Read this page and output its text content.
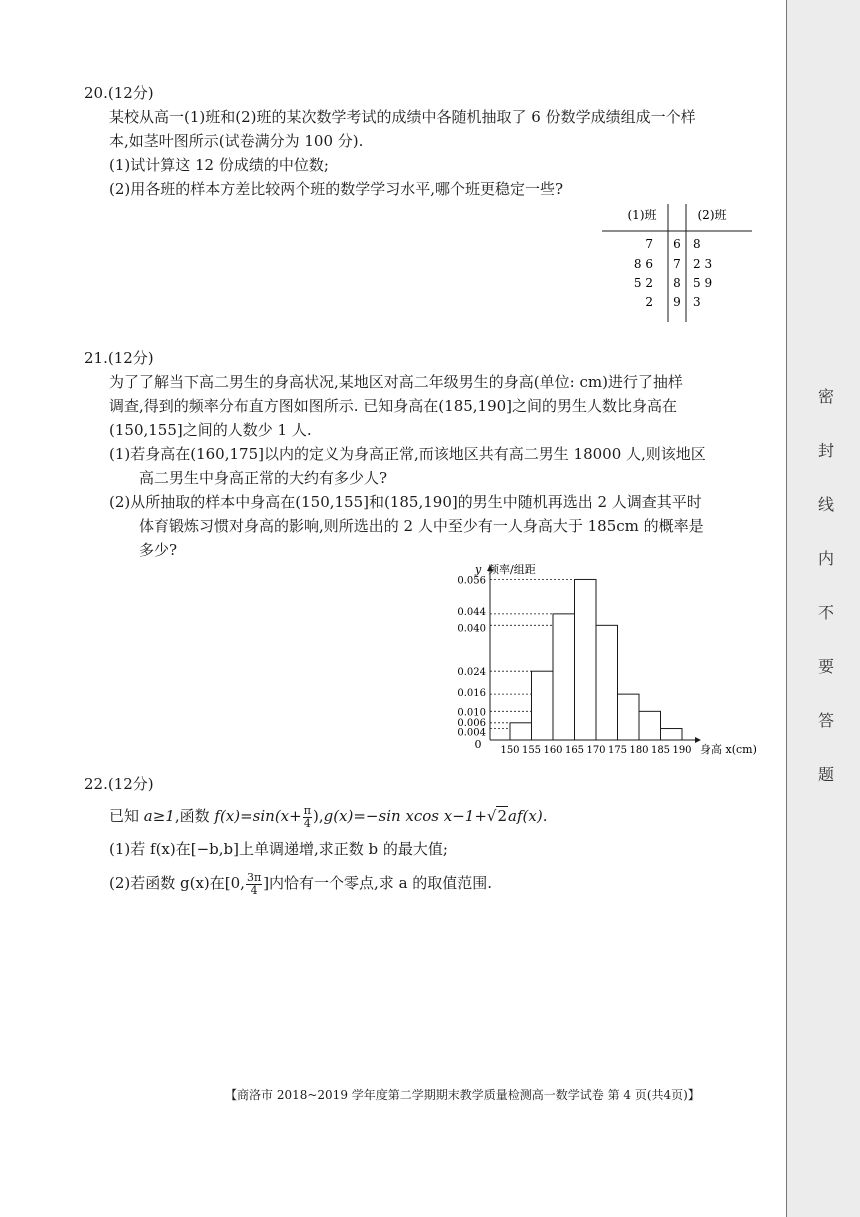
20.(12分)
某校从高一(1)班和(2)班的某次数学考试的成绩中各随机抽取了 6 份数学成绩组成一个样
本,如茎叶图所示(试卷满分为 100 分).
(1)试计算这 12 份成绩的中位数;
(2)用各班的样本方差比较两个班的数学学习水平,哪个班更稳定一些?
(1)班	(2)班
7 6 8
8 6 7 2 3
5 2 8 5 9
2 9 3
21.(12分)
为了了解当下高二男生的身高状况,某地区对高二年级男生的身高(单位: cm)进行了抽样
调查,得到的频率分布直方图如图所示. 已知身高在(185,190]之间的男生人数比身高在
(150,155]之间的人数少 1 人.
(1)若身高在(160,175]以内的定义为身高正常,而该地区共有高二男生 18000 人,则该地区
高二男生中身高正常的大约有多少人?
(2)从所抽取的样本中身高在(150,155]和(185,190]的男生中随机再选出 2 人调查其平时
体育锻炼习惯对身高的影响,则所选出的 2 人中至少有一人身高大于 185cm 的概率是
多少?
y 频率/组距
身高 x(cm)
0
0.004
0.006
0.010
0.016
0.024
0.040
0.044
0.056
150 155 160 165 170 175 180 185 190
22.(12分)
已知 a≥1,函数 $f(x)=\sin(x+ \frac{\pi}{4} ),g(x)=-\sin$ xcos x−1+√2af(x).
(1)若 f(x)在[−b,b]上单调递增,求正数 b 的最大值;
(2)若函数 g(x)在[0, $\frac{3\pi}{4}$ ]内恰有一个零点,求 a 的取值范围.
【商洛市 2018~2019 学年度第二学期期末教学质量检测高一数学试卷 第 4 页(共4页)】
密
封
线
内
不
要
答
题
